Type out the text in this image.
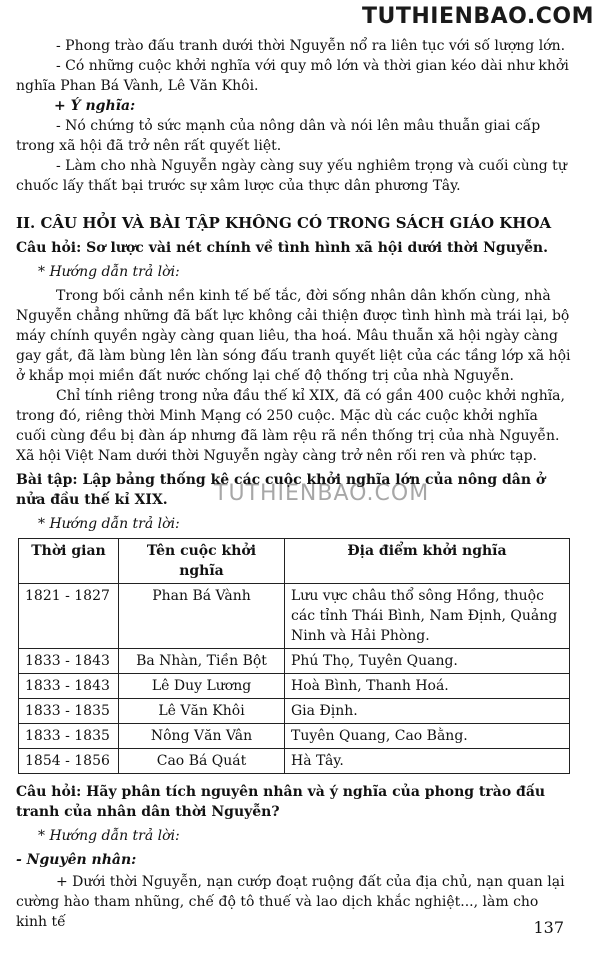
TUTHIENBAO.COM

- Phong trào đấu tranh dưới thời Nguyễn nổ ra liên tục với số lượng lớn.

- Có những cuộc khởi nghĩa với quy mô lớn và thời gian kéo dài như khởi nghĩa Phan Bá Vành, Lê Văn Khôi.

+ Ý nghĩa:

- Nó chứng tỏ sức mạnh của nông dân và nói lên mâu thuẫn giai cấp trong xã hội đã trở nên rất quyết liệt.

- Làm cho nhà Nguyễn ngày càng suy yếu nghiêm trọng và cuối cùng tự chuốc lấy thất bại trước sự xâm lược của thực dân phương Tây.

II. CÂU HỎI VÀ BÀI TẬP KHÔNG CÓ TRONG SÁCH GIÁO KHOA

Câu hỏi: Sơ lược vài nét chính về tình hình xã hội dưới thời Nguyễn.

* Hướng dẫn trả lời:

Trong bối cảnh nền kinh tế bế tắc, đời sống nhân dân khốn cùng, nhà Nguyễn chẳng những đã bất lực không cải thiện được tình hình mà trái lại, bộ máy chính quyền ngày càng quan liêu, tha hoá. Mâu thuẫn xã hội ngày càng gay gắt, đã làm bùng lên làn sóng đấu tranh quyết liệt của các tầng lớp xã hội ở khắp mọi miền đất nước chống lại chế độ thống trị của nhà Nguyễn.

Chỉ tính riêng trong nửa đầu thế kỉ XIX, đã có gần 400 cuộc khởi nghĩa, trong đó, riêng thời Minh Mạng có 250 cuộc. Mặc dù các cuộc khởi nghĩa cuối cùng đều bị đàn áp nhưng đã làm rệu rã nền thống trị của nhà Nguyễn. Xã hội Việt Nam dưới thời Nguyễn ngày càng trở nên rối ren và phức tạp.

Bài tập: Lập bảng thống kê các cuộc khởi nghĩa lớn của nông dân ở nửa đầu thế kỉ XIX.

* Hướng dẫn trả lời:

Thời gian	Tên cuộc khởi nghĩa	Địa điểm khởi nghĩa
1821 - 1827	Phan Bá Vành	Lưu vực châu thổ sông Hồng, thuộc các tỉnh Thái Bình, Nam Định, Quảng Ninh và Hải Phòng.
1833 - 1843	Ba Nhàn, Tiền Bột	Phú Thọ, Tuyên Quang.
1833 - 1843	Lê Duy Lương	Hoà Bình, Thanh Hoá.
1833 - 1835	Lê Văn Khôi	Gia Định.
1833 - 1835	Nông Văn Vân	Tuyên Quang, Cao Bằng.
1854 - 1856	Cao Bá Quát	Hà Tây.

Câu hỏi: Hãy phân tích nguyên nhân và ý nghĩa của phong trào đấu tranh của nhân dân thời Nguyễn?

* Hướng dẫn trả lời:

- Nguyên nhân:

+ Dưới thời Nguyễn, nạn cướp đoạt ruộng đất của địa chủ, nạn quan lại cường hào tham nhũng, chế độ tô thuế và lao dịch khắc nghiệt..., làm cho kinh tế

TUTHIENBAO.COM
137
